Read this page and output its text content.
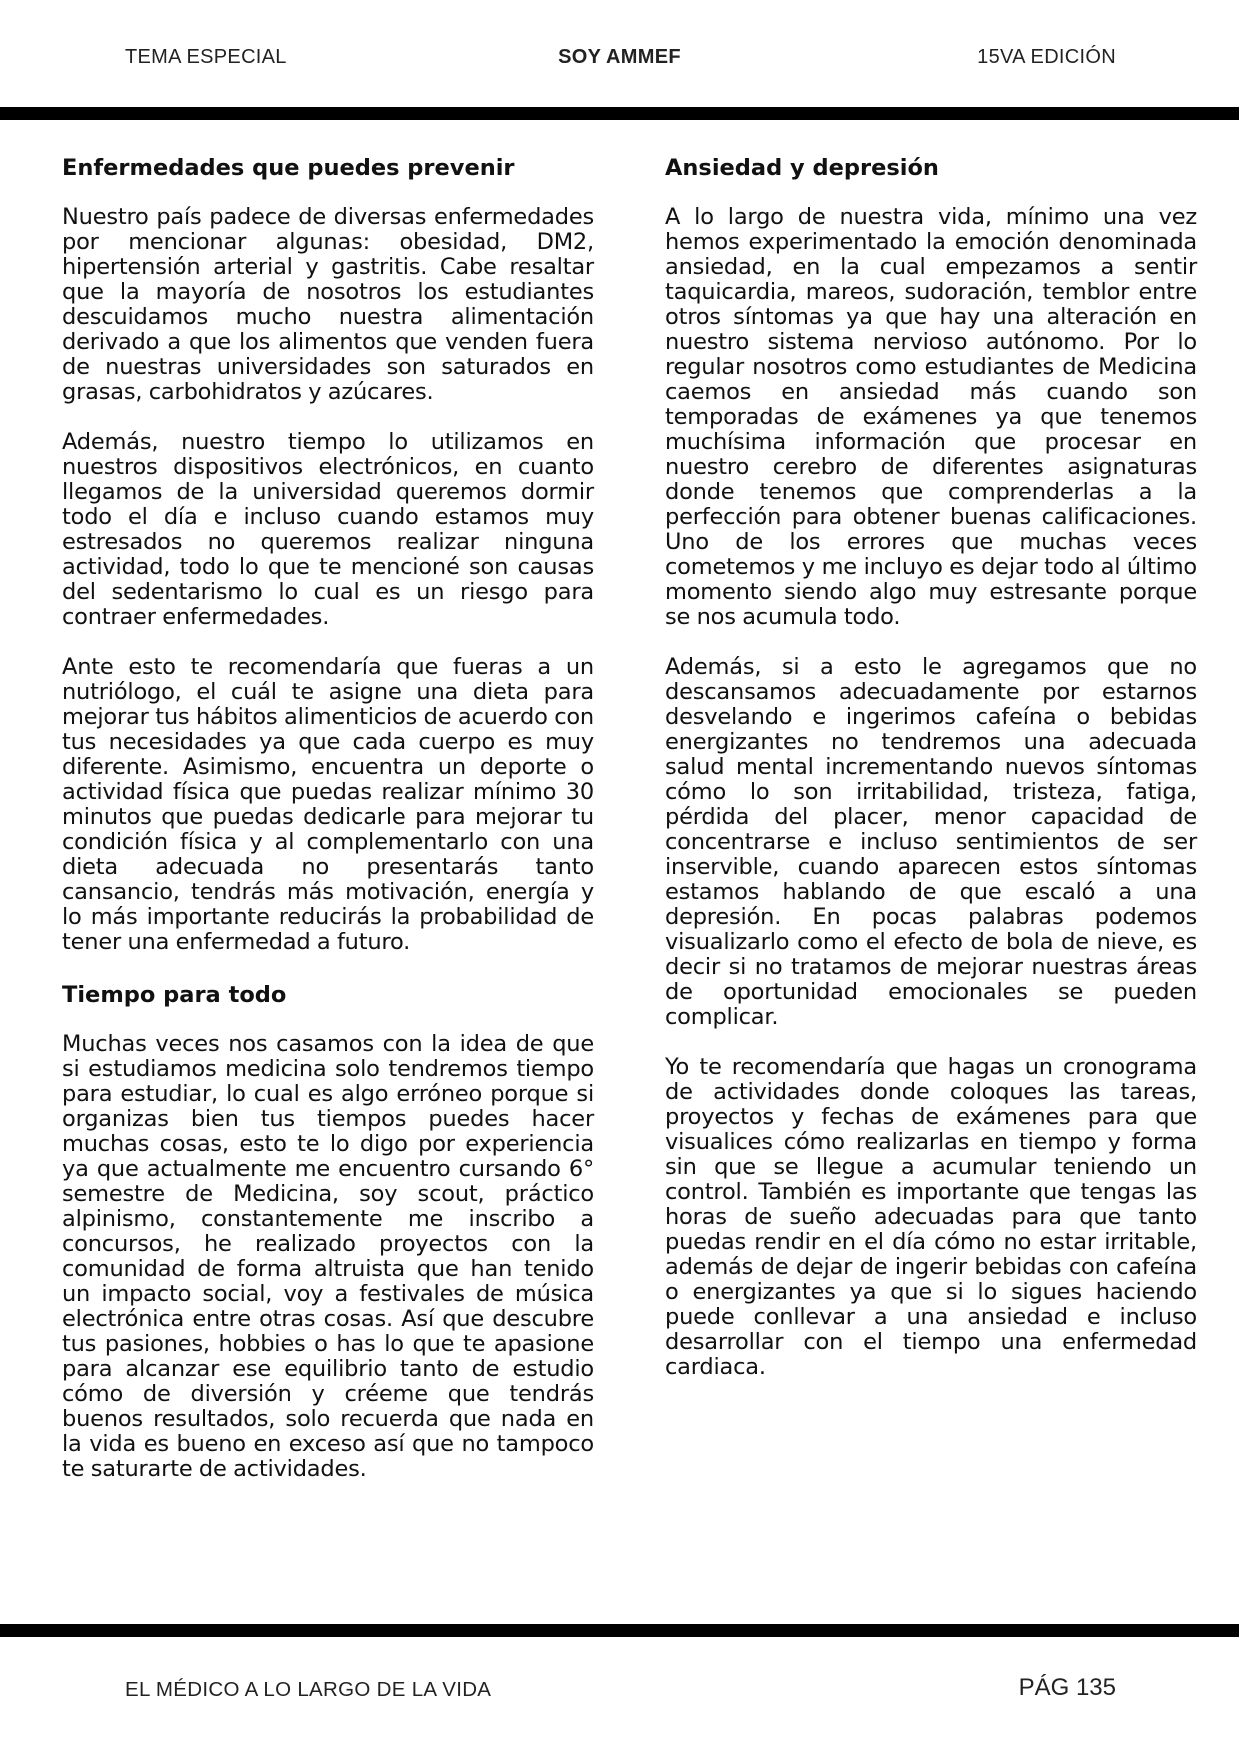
TEMA ESPECIAL	SOY AMMEF	15VA EDICIÓN
Enfermedades que puedes prevenir

Nuestro país padece de diversas enfermedades por mencionar algunas: obesidad, DM2, hipertensión arterial y gastritis. Cabe resaltar que la mayoría de nosotros los estudiantes descuidamos mucho nuestra alimentación derivado a que los alimentos que venden fuera de nuestras universidades son saturados en grasas, carbohidratos y azúcares.

Además, nuestro tiempo lo utilizamos en nuestros dispositivos electrónicos, en cuanto llegamos de la universidad queremos dormir todo el día e incluso cuando estamos muy estresados no queremos realizar ninguna actividad, todo lo que te mencioné son causas del sedentarismo lo cual es un riesgo para contraer enfermedades.

Ante esto te recomendaría que fueras a un nutriólogo, el cuál te asigne una dieta para mejorar tus hábitos alimenticios de acuerdo con tus necesidades ya que cada cuerpo es muy diferente. Asimismo, encuentra un deporte o actividad física que puedas realizar mínimo 30 minutos que puedas dedicarle para mejorar tu condición física y al complementarlo con una dieta adecuada no presentarás tanto cansancio, tendrás más motivación, energía y lo más importante reducirás la probabilidad de tener una enfermedad a futuro.

Tiempo para todo

Muchas veces nos casamos con la idea de que si estudiamos medicina solo tendremos tiempo para estudiar, lo cual es algo erróneo porque si organizas bien tus tiempos puedes hacer muchas cosas, esto te lo digo por experiencia ya que actualmente me encuentro cursando 6° semestre de Medicina, soy scout, práctico alpinismo, constantemente me inscribo a concursos, he realizado proyectos con la comunidad de forma altruista que han tenido un impacto social, voy a festivales de música electrónica entre otras cosas. Así que descubre tus pasiones, hobbies o has lo que te apasione para alcanzar ese equilibrio tanto de estudio cómo de diversión y créeme que tendrás buenos resultados, solo recuerda que nada en la vida es bueno en exceso así que no tampoco te saturarte de actividades.

Ansiedad y depresión

A lo largo de nuestra vida, mínimo una vez hemos experimentado la emoción denominada ansiedad, en la cual empezamos a sentir taquicardia, mareos, sudoración, temblor entre otros síntomas ya que hay una alteración en nuestro sistema nervioso autónomo. Por lo regular nosotros como estudiantes de Medicina caemos en ansiedad más cuando son temporadas de exámenes ya que tenemos muchísima información que procesar en nuestro cerebro de diferentes asignaturas donde tenemos que comprenderlas a la perfección para obtener buenas calificaciones. Uno de los errores que muchas veces cometemos y me incluyo es dejar todo al último momento siendo algo muy estresante porque se nos acumula todo.

Además, si a esto le agregamos que no descansamos adecuadamente por estarnos desvelando e ingerimos cafeína o bebidas energizantes no tendremos una adecuada salud mental incrementando nuevos síntomas cómo lo son irritabilidad, tristeza, fatiga, pérdida del placer, menor capacidad de concentrarse e incluso sentimientos de ser inservible, cuando aparecen estos síntomas estamos hablando de que escaló a una depresión. En pocas palabras podemos visualizarlo como el efecto de bola de nieve, es decir si no tratamos de mejorar nuestras áreas de oportunidad emocionales se pueden complicar.

Yo te recomendaría que hagas un cronograma de actividades donde coloques las tareas, proyectos y fechas de exámenes para que visualices cómo realizarlas en tiempo y forma sin que se llegue a acumular teniendo un control. También es importante que tengas las horas de sueño adecuadas para que tanto puedas rendir en el día cómo no estar irritable, además de dejar de ingerir bebidas con cafeína o energizantes ya que si lo sigues haciendo puede conllevar a una ansiedad e incluso desarrollar con el tiempo una enfermedad cardiaca.

EL MÉDICO A LO LARGO DE LA VIDA	PÁG 135
